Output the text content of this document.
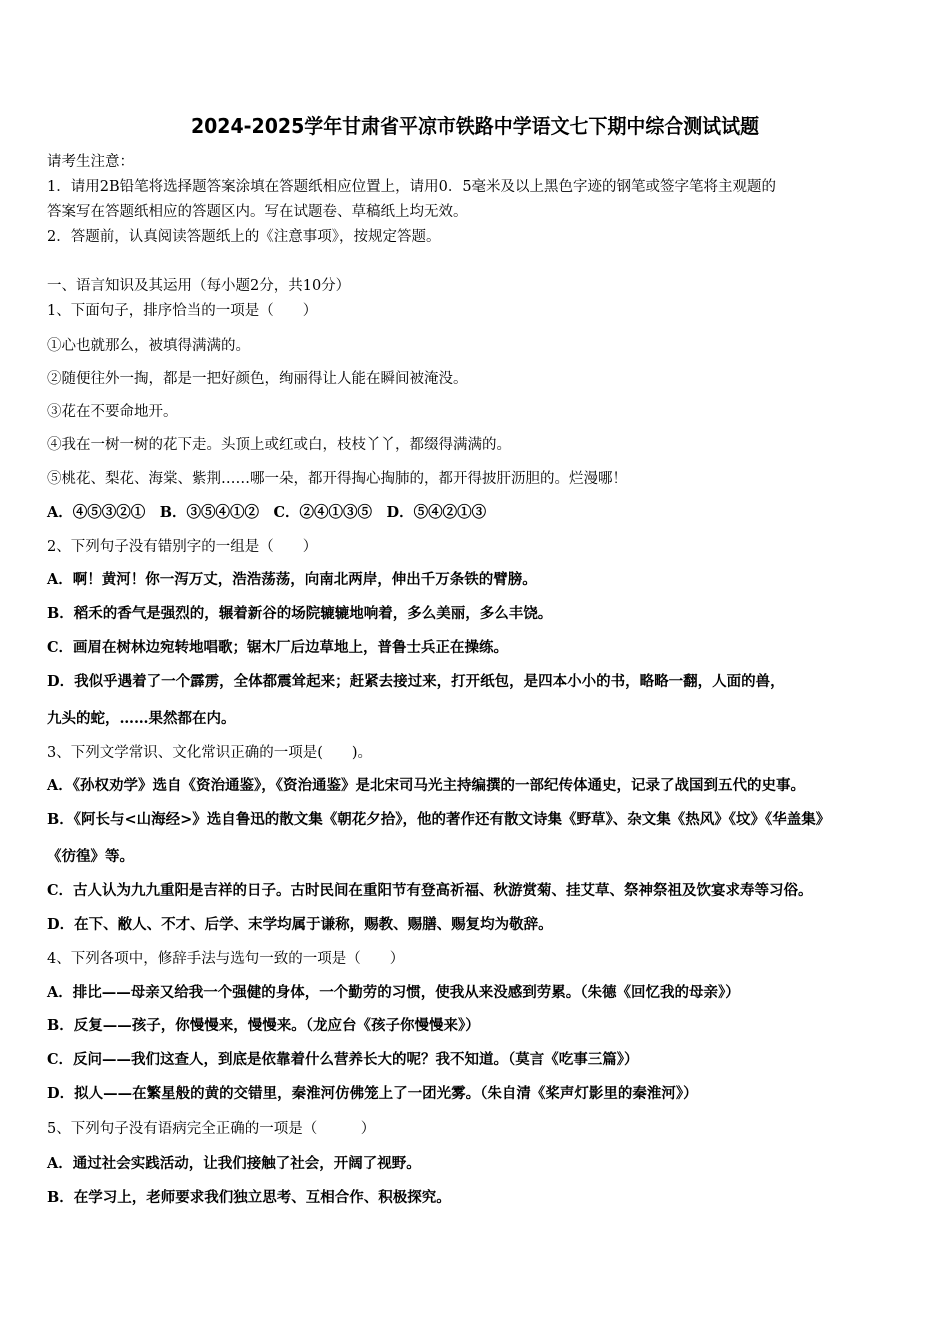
2024-2025学年甘肃省平凉市铁路中学语文七下期中综合测试试题
请考生注意：
1．请用2B铅笔将选择题答案涂填在答题纸相应位置上，请用0．5毫米及以上黑色字迹的钢笔或签字笔将主观题的
答案写在答题纸相应的答题区内。写在试题卷、草稿纸上均无效。
2．答题前，认真阅读答题纸上的《注意事项》，按规定答题。
一、语言知识及其运用（每小题2分，共10分）
1、下面句子，排序恰当的一项是（　　）
①心也就那么，被填得满满的。
②随便往外一掏，都是一把好颜色，绚丽得让人能在瞬间被淹没。
③花在不要命地开。
④我在一树一树的花下走。头顶上或红或白，枝枝丫丫，都缀得满满的。
⑤桃花、梨花、海棠、紫荆……哪一朵，都开得掏心掏肺的，都开得披肝沥胆的。烂漫哪！
A．④⑤③②①　B．③⑤④①②　C．②④①③⑤　D．⑤④②①③
2、下列句子没有错别字的一组是（　　）
A．啊！黄河！你一泻万丈，浩浩荡荡，向南北两岸，伸出千万条铁的臂膀。
B．稻禾的香气是强烈的，辗着新谷的场院辘辘地响着，多么美丽，多么丰饶。
C．画眉在树林边宛转地唱歌；锯木厂后边草地上，普鲁士兵正在操练。
D．我似乎遇着了一个霹雳，全体都震耸起来；赶紧去接过来，打开纸包，是四本小小的书，略略一翻，人面的兽，
九头的蛇，……果然都在内。
3、下列文学常识、文化常识正确的一项是(　　)。
A．《孙权劝学》选自《资治通鉴》，《资治通鉴》是北宋司马光主持编撰的一部纪传体通史，记录了战国到五代的史事。
B．《阿长与<山海经>》选自鲁迅的散文集《朝花夕拾》，他的著作还有散文诗集《野草》、杂文集《热风》《坟》《华盖集》
《彷徨》等。
C．古人认为九九重阳是吉祥的日子。古时民间在重阳节有登高祈福、秋游赏菊、挂艾草、祭神祭祖及饮宴求寿等习俗。
D．在下、敝人、不才、后学、末学均属于谦称，赐教、赐膳、赐复均为敬辞。
4、下列各项中，修辞手法与选句一致的一项是（　　）
A．排比——母亲又给我一个强健的身体，一个勤劳的习惯，使我从来没感到劳累。（朱德《回忆我的母亲》）
B．反复——孩子，你慢慢来，慢慢来。（龙应台《孩子你慢慢来》）
C．反问——我们这查人，到底是依靠着什么营养长大的呢？我不知道。（莫言《吃事三篇》）
D．拟人——在繁星般的黄的交错里，秦淮河仿佛笼上了一团光雾。（朱自清《桨声灯影里的秦淮河》）
5、下列句子没有语病完全正确的一项是（　　　）
A．通过社会实践活动，让我们接触了社会，开阔了视野。
B．在学习上，老师要求我们独立思考、互相合作、积极探究。
